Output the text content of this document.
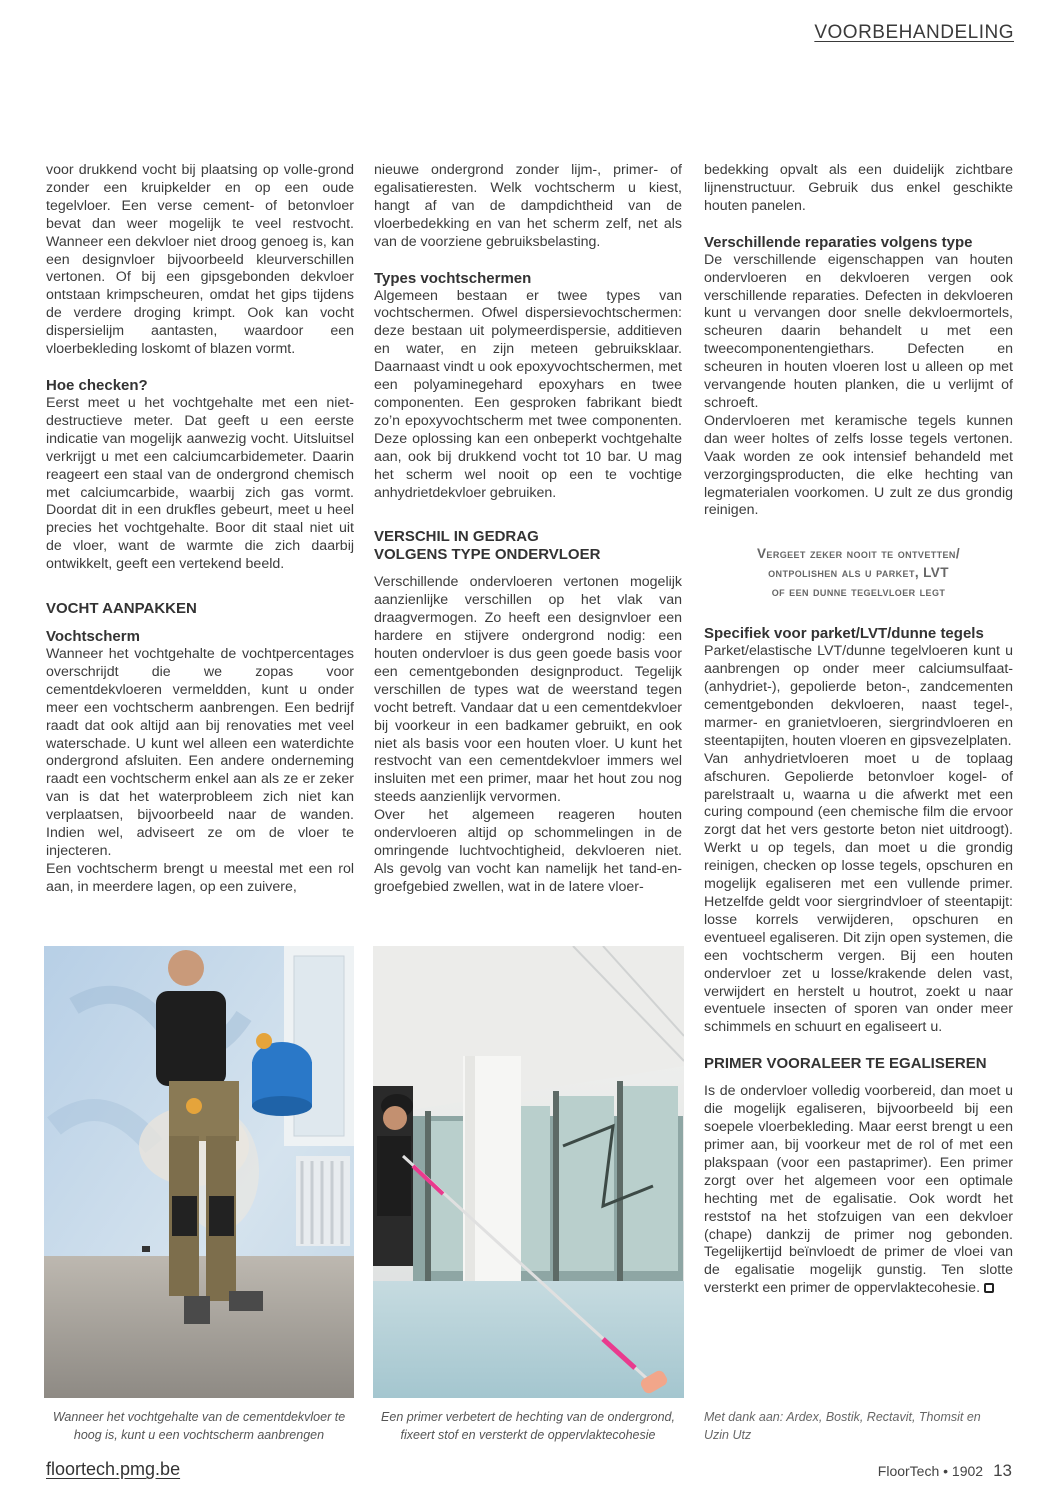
VOORBEHANDELING

voor drukkend vocht bij plaatsing op volle-grond zonder een kruipkelder en op een oude tegelvloer. Een verse cement- of betonvloer bevat dan weer mogelijk te veel restvocht. Wanneer een dekvloer niet droog genoeg is, kan een designvloer bijvoorbeeld kleurverschillen vertonen. Of bij een gipsgebonden dekvloer ontstaan krimpscheuren, omdat het gips tijdens de verdere droging krimpt. Ook kan vocht dispersielijm aantasten, waardoor een vloerbekleding loskomt of blazen vormt.

Hoe checken?

Eerst meet u het vochtgehalte met een niet-destructieve meter. Dat geeft u een eerste indicatie van mogelijk aanwezig vocht. Uitsluitsel verkrijgt u met een calciumcarbidemeter. Daarin reageert een staal van de ondergrond chemisch met calciumcarbide, waarbij zich gas vormt. Doordat dit in een drukfles gebeurt, meet u heel precies het vochtgehalte. Boor dit staal niet uit de vloer, want de warmte die zich daarbij ontwikkelt, geeft een vertekend beeld.

VOCHT AANPAKKEN
Vochtscherm

Wanneer het vochtgehalte de vochtpercentages overschrijdt die we zopas voor cementdekvloeren vermeldden, kunt u onder meer een vochtscherm aanbrengen. Een bedrijf raadt dat ook altijd aan bij renovaties met veel waterschade. U kunt wel alleen een waterdichte ondergrond afsluiten. Een andere onderneming raadt een vochtscherm enkel aan als ze er zeker van is dat het waterprobleem zich niet kan verplaatsen, bijvoorbeeld naar de wanden. Indien wel, adviseert ze om de vloer te injecteren.

Een vochtscherm brengt u meestal met een rol aan, in meerdere lagen, op een zuivere,

nieuwe ondergrond zonder lijm-, primer- of egalisatieresten. Welk vochtscherm u kiest, hangt af van de dampdichtheid van de vloerbedekking en van het scherm zelf, net als van de voorziene gebruiksbelasting.

Types vochtschermen

Algemeen bestaan er twee types van vochtschermen. Ofwel dispersievochtschermen: deze bestaan uit polymeerdispersie, additieven en water, en zijn meteen gebruiksklaar. Daarnaast vindt u ook epoxyvochtschermen, met een polyaminegehard epoxyhars en twee componenten. Een gesproken fabrikant biedt zo’n epoxyvochtscherm met twee componenten. Deze oplossing kan een onbeperkt vochtgehalte aan, ook bij drukkend vocht tot 10 bar. U mag het scherm wel nooit op een te vochtige anhydrietdekvloer gebruiken.

VERSCHIL IN GEDRAG
VOLGENS TYPE ONDERVLOER

Verschillende ondervloeren vertonen mogelijk aanzienlijke verschillen op het vlak van draagvermogen. Zo heeft een designvloer een hardere en stijvere ondergrond nodig: een houten ondervloer is dus geen goede basis voor een cementgebonden designproduct. Tegelijk verschillen de types wat de weerstand tegen vocht betreft. Vandaar dat u een cementdekvloer bij voorkeur in een badkamer gebruikt, en ook niet als basis voor een houten vloer. U kunt het restvocht van een cementdekvloer immers wel insluiten met een primer, maar het hout zou nog steeds aanzienlijk vervormen.

Over het algemeen reageren houten ondervloeren altijd op schommelingen in de omringende luchtvochtigheid, dekvloeren niet. Als gevolg van vocht kan namelijk het tand-en-groefgebied zwellen, wat in de latere vloer-

bedekking opvalt als een duidelijk zichtbare lijnenstructuur. Gebruik dus enkel geschikte houten panelen.

Verschillende reparaties volgens type

De verschillende eigenschappen van houten ondervloeren en dekvloeren vergen ook verschillende reparaties. Defecten in dekvloeren kunt u vervangen door snelle dekvloermortels, scheuren daarin behandelt u met een tweecomponentengiethars. Defecten en scheuren in houten vloeren lost u alleen op met vervangende houten planken, die u verlijmt of schroeft.

Ondervloeren met keramische tegels kunnen dan weer holtes of zelfs losse tegels vertonen. Vaak worden ze ook intensief behandeld met verzorgingsproducten, die elke hechting van legmaterialen voorkomen. U zult ze dus grondig reinigen.

Vergeet zeker nooit te ontvetten/
ontpolishen als u parket, LVT
of een dunne tegelvloer legt
Specifiek voor parket/LVT/dunne tegels

Parket/elastische LVT/dunne tegelvloeren kunt u aanbrengen op onder meer calciumsulfaat- (anhydriet-), gepolierde beton-, zandcementen cementgebonden dekvloeren, naast tegel-, marmer- en granietvloeren, siergrindvloeren en steentapijten, houten vloeren en gipsvezelplaten.

Van anhydrietvloeren moet u de toplaag afschuren. Gepolierde betonvloer kogel- of parelstraalt u, waarna u die afwerkt met een curing compound (een chemische film die ervoor zorgt dat het vers gestorte beton niet uitdroogt). Werkt u op tegels, dan moet u die grondig reinigen, checken op losse tegels, opschuren en mogelijk egaliseren met een vullende primer. Hetzelfde geldt voor siergrindvloer of steentapijt: losse korrels verwijderen, opschuren en eventueel egaliseren. Dit zijn open systemen, die een vochtscherm vergen. Bij een houten ondervloer zet u losse/krakende delen vast, verwijdert en herstelt u houtrot, zoekt u naar eventuele insecten of sporen van onder meer schimmels en schuurt en egaliseert u.

PRIMER VOORALEER TE EGALISEREN

Is de ondervloer volledig voorbereid, dan moet u die mogelijk egaliseren, bijvoorbeeld bij een soepele vloerbekleding. Maar eerst brengt u een primer aan, bij voorkeur met de rol of met een plakspaan (voor een pastaprimer). Een primer zorgt over het algemeen voor een optimale hechting met de egalisatie. Ook wordt het reststof na het stofzuigen van een dekvloer (chape) dankzij de primer nog gebonden. Tegelijkertijd beïnvloedt de primer de vloei van de egalisatie mogelijk gunstig. Ten slotte versterkt een primer de oppervlaktecohesie.

Wanneer het vochtgehalte van de cementdekvloer te hoog is, kunt u een vochtscherm aanbrengen
Een primer verbetert de hechting van de ondergrond, fixeert stof en versterkt de oppervlaktecohesie
Met dank aan: Ardex, Bostik, Rectavit, Thomsit en Uzin Utz
floortech.pmg.be	FloorTech • 1902 13
